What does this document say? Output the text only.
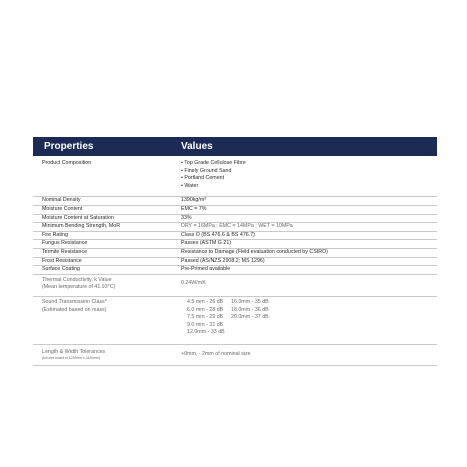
Properties	Values
Product Composition
•	Top Grade Cellulose Fibre
• Finely Ground Sand
• Portland Cement
• Water
Nominal Density	1390kg/m³
Moisture Content	EMC = 7%
Moisture Content at Saturation	33%
Minimum Bending Strength, MoR	DRY = 16MPa ; EMC = 14MPa ; WET = 10MPa
Fire Rating	Class O (BS 476.6 & BS 476.7)
Fungus Resistance	Passes (ASTM G 21)
Termite Resistance	Resistance to Damage (Field evaluation conducted by CSIRO)
Frost Resistance	Passed (AS/NZS 2908.2; MS 1296)
Surface Coating	Pre-Primed available
Thermal Conductivity, k Value
(Mean temperature of 41.93°C)
0.24W/mK
Sound Transmission Class*
(Estimated based on mass)
4.5 mm - 26 dB
6.0 mm - 28 dB
7.5 mm - 29 dB
9.0 mm - 31 dB
12.0mm - 33 dB
16.0mm - 35 dB
18.0mm - 36 dB
20.0mm - 37 dB
Length & Width Tolerances
(full size board of 1220mm x 2440mm)
+0mm, - 2mm of nominal size
